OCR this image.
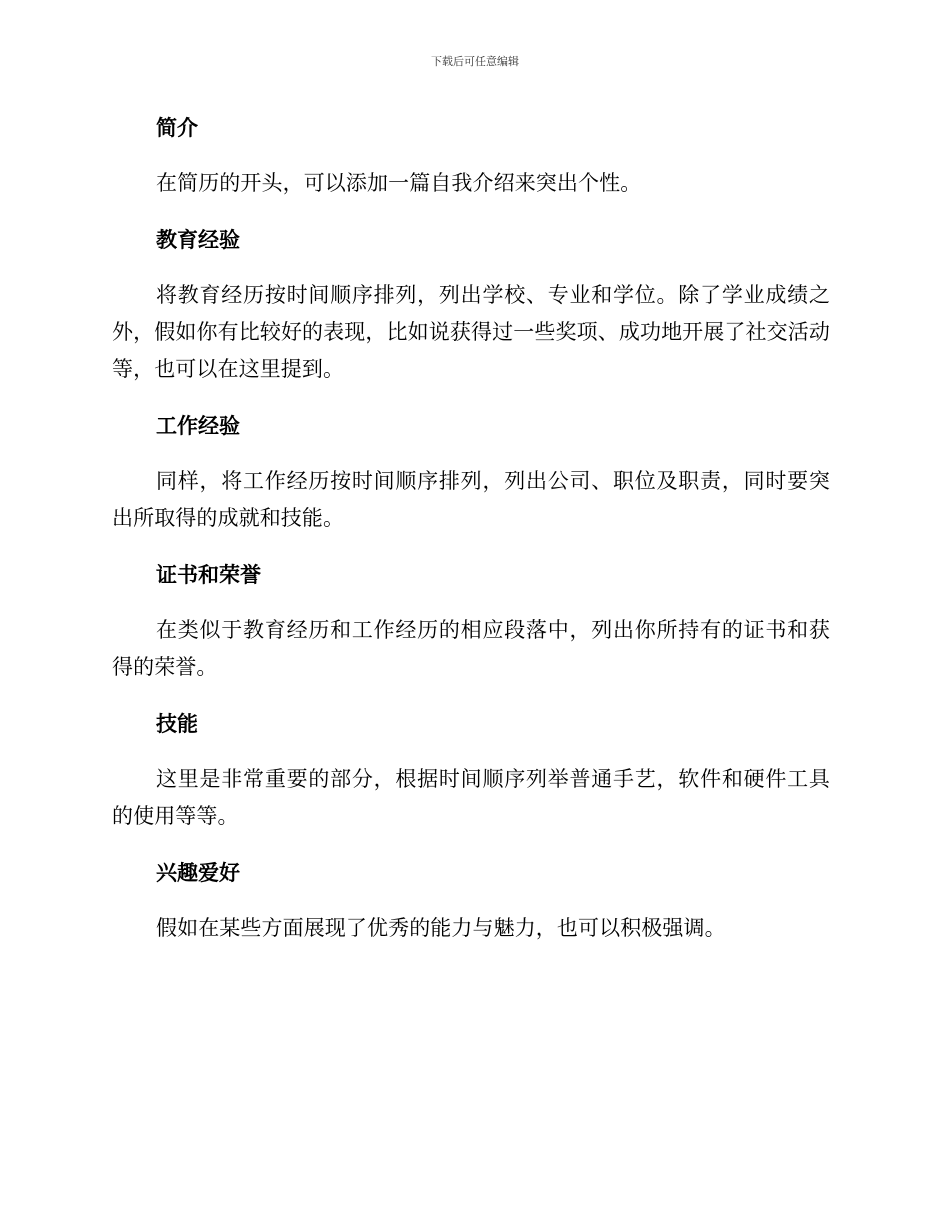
下载后可任意编辑
简介

在简历的开头，可以添加一篇自我介绍来突出个性。

教育经验

将教育经历按时间顺序排列，列出学校、专业和学位。除了学业成绩之外，假如你有比较好的表现，比如说获得过一些奖项、成功地开展了社交活动等，也可以在这里提到。

工作经验

同样，将工作经历按时间顺序排列，列出公司、职位及职责，同时要突出所取得的成就和技能。

证书和荣誉

在类似于教育经历和工作经历的相应段落中，列出你所持有的证书和获得的荣誉。

技能

这里是非常重要的部分，根据时间顺序列举普通手艺，软件和硬件工具的使用等等。

兴趣爱好

假如在某些方面展现了优秀的能力与魅力，也可以积极强调。
